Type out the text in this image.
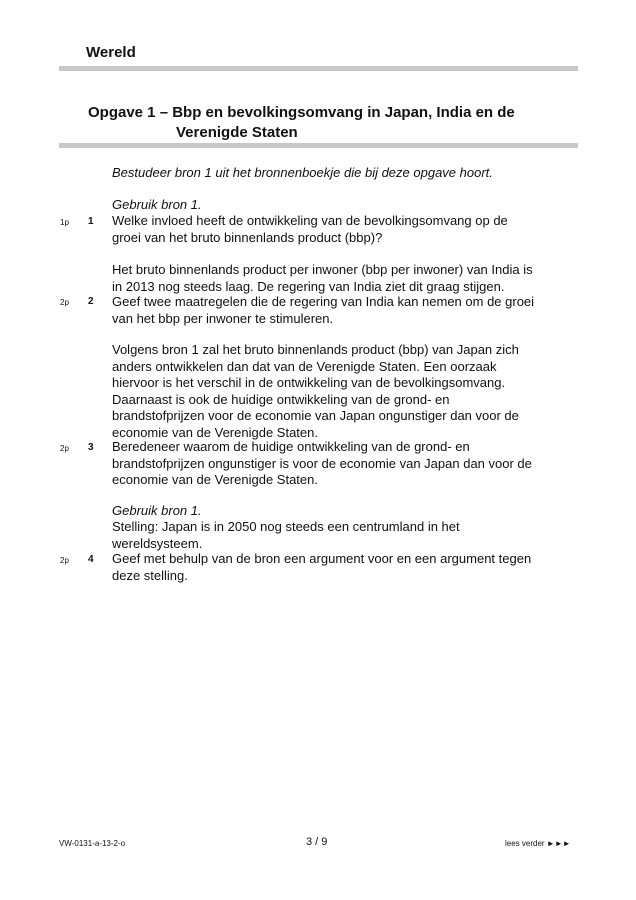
Wereld
Opgave 1 – Bbp en bevolkingsomvang in Japan, India en de
Verenigde Staten
Bestudeer bron 1 uit het bronnenboekje die bij deze opgave hoort.
Gebruik bron 1.
1p 1 Welke invloed heeft de ontwikkeling van de bevolkingsomvang op de
groei van het bruto binnenlands product (bbp)?
Het bruto binnenlands product per inwoner (bbp per inwoner) van India is
in 2013 nog steeds laag. De regering van India ziet dit graag stijgen.
2p 2 Geef twee maatregelen die de regering van India kan nemen om de groei
van het bbp per inwoner te stimuleren.
Volgens bron 1 zal het bruto binnenlands product (bbp) van Japan zich
anders ontwikkelen dan dat van de Verenigde Staten. Een oorzaak
hiervoor is het verschil in de ontwikkeling van de bevolkingsomvang.
Daarnaast is ook de huidige ontwikkeling van de grond- en
brandstofprijzen voor de economie van Japan ongunstiger dan voor de
economie van de Verenigde Staten.
2p 3 Beredeneer waarom de huidige ontwikkeling van de grond- en
brandstofprijzen ongunstiger is voor de economie van Japan dan voor de
economie van de Verenigde Staten.
Gebruik bron 1.
Stelling: Japan is in 2050 nog steeds een centrumland in het
wereldsysteem.
2p 4 Geef met behulp van de bron een argument voor en een argument tegen
deze stelling.
VW-0131-a-13-2-o	3 / 9	lees verder ►►►
